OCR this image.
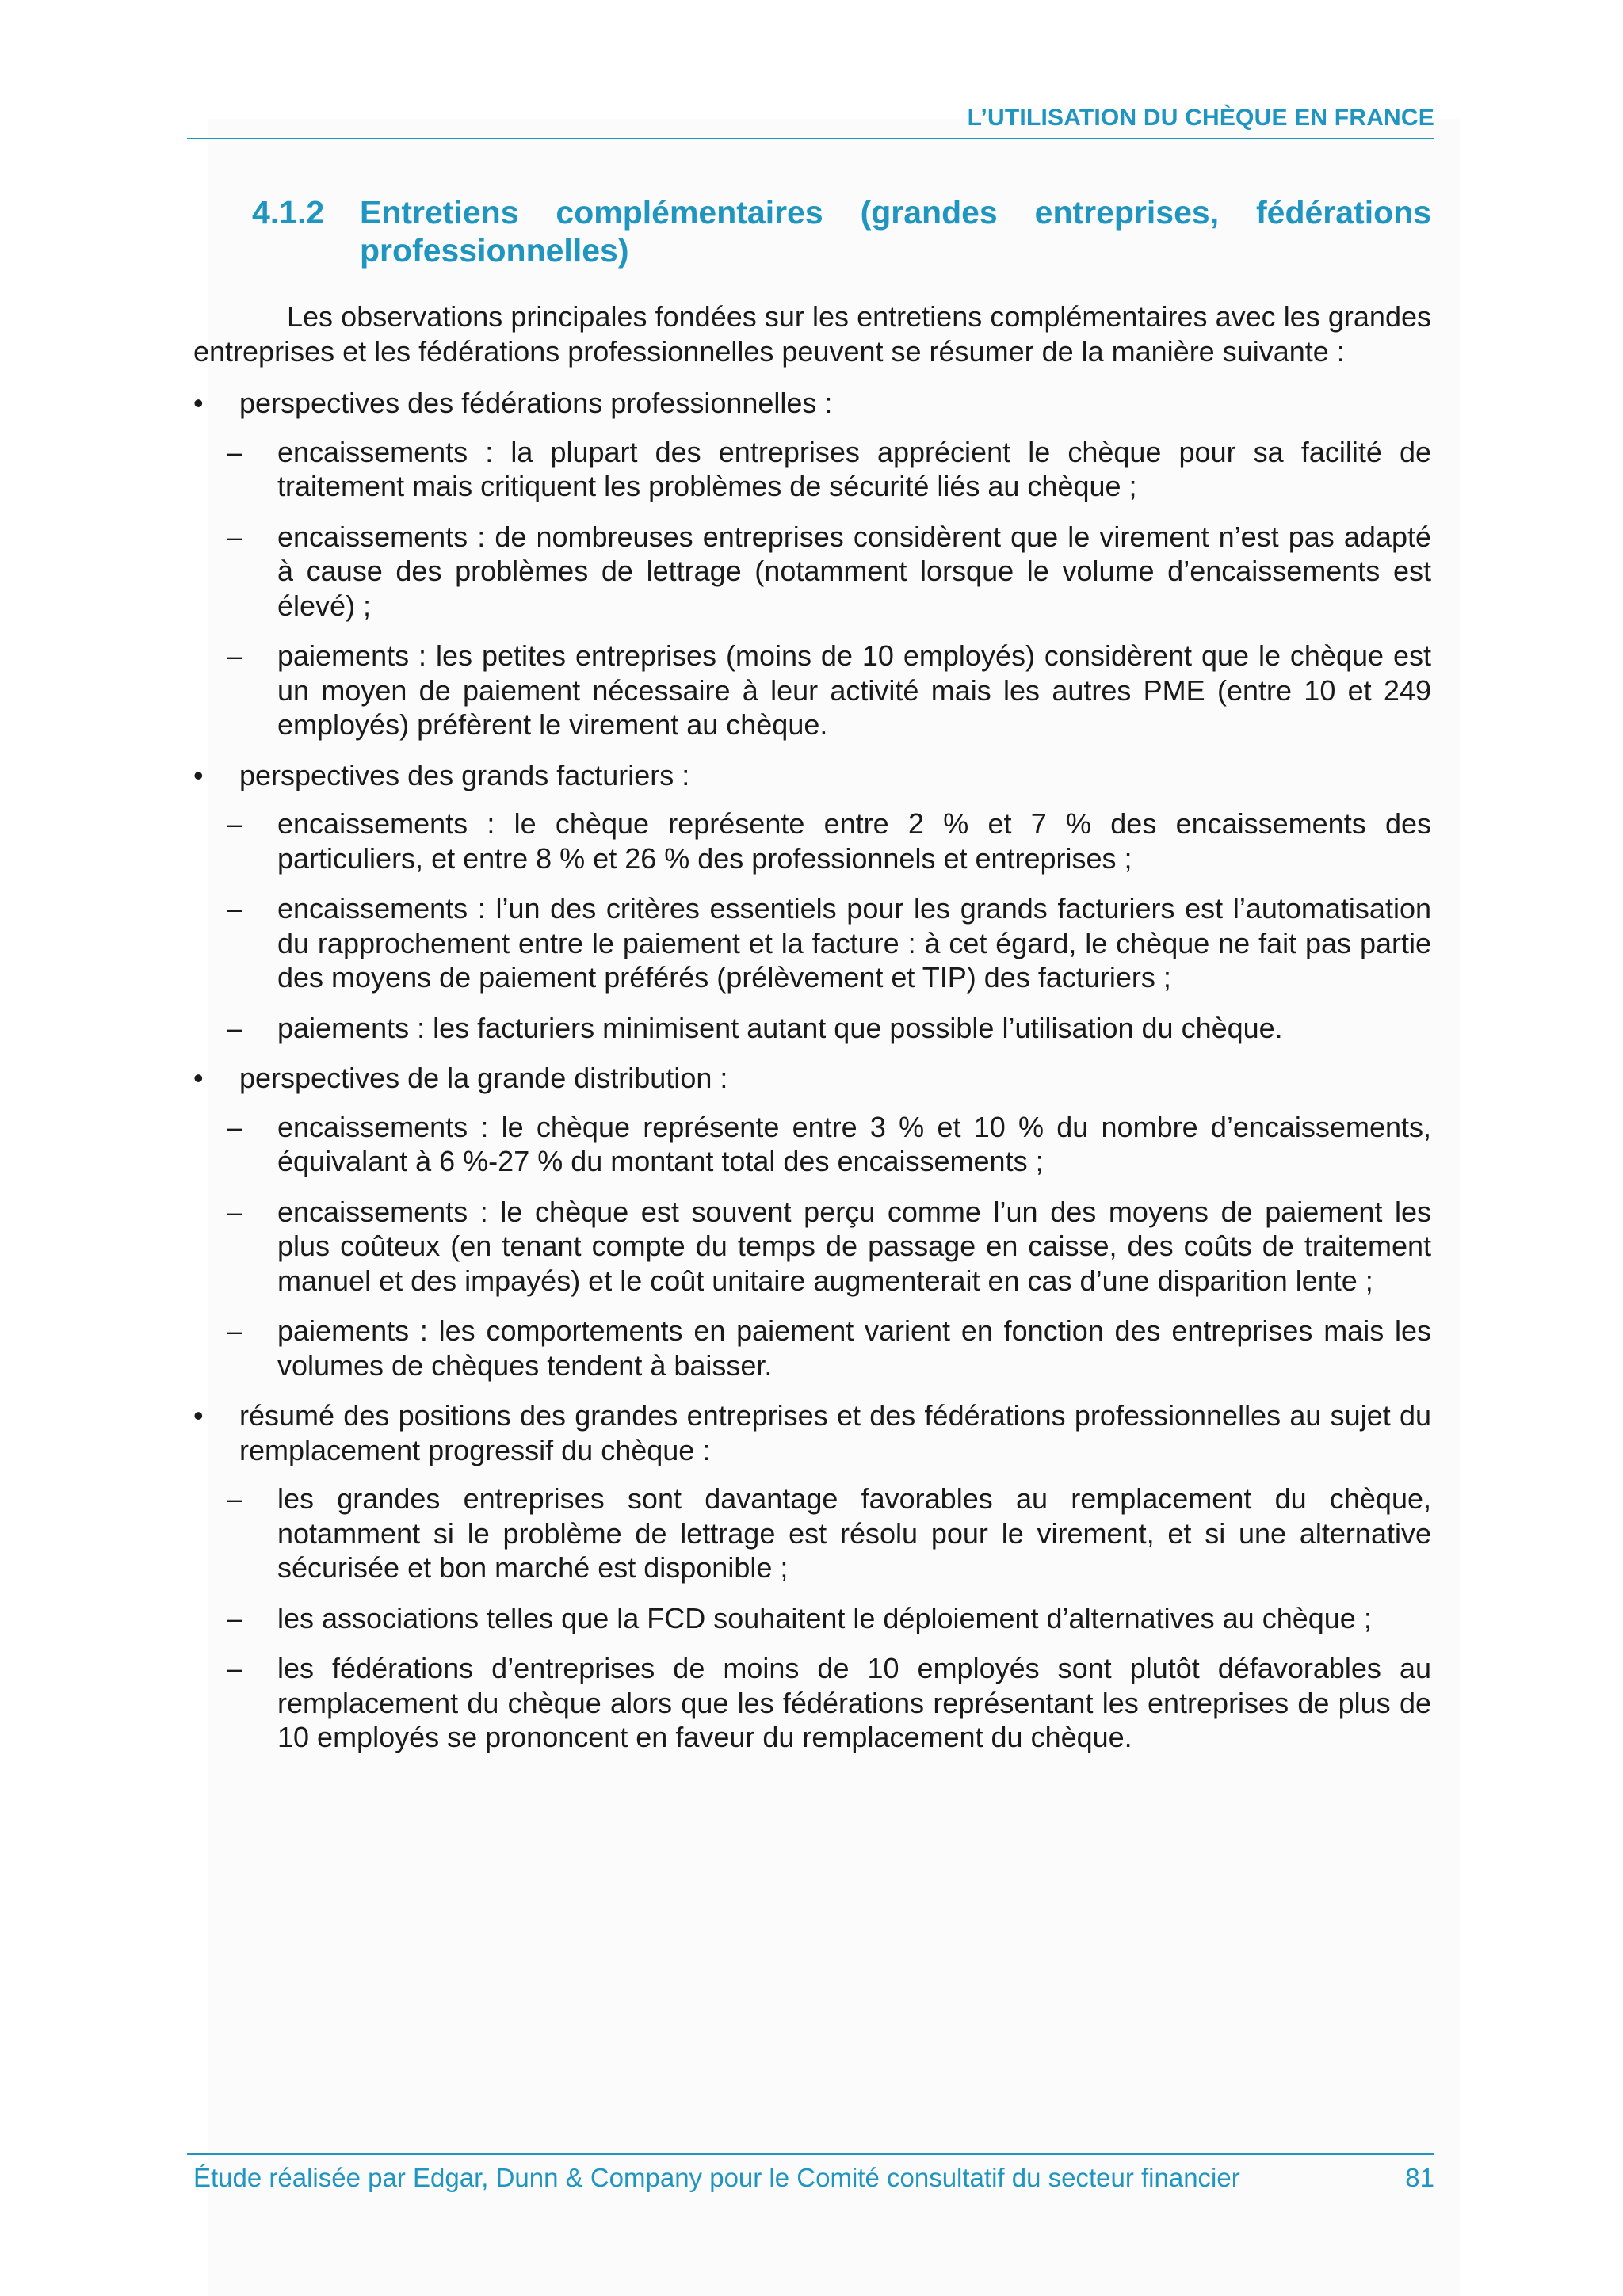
L’UTILISATION DU CHÈQUE EN FRANCE
4.1.2 Entretiens complémentaires (grandes entreprises, fédérations professionnelles)

Les observations principales fondées sur les entretiens complémentaires avec les grandes entreprises et les fédérations professionnelles peuvent se résumer de la manière suivante :

•	perspectives des fédérations professionnelles :
– encaissements : la plupart des entreprises apprécient le chèque pour sa facilité de traitement mais critiquent les problèmes de sécurité liés au chèque ;
– encaissements : de nombreuses entreprises considèrent que le virement n’est pas adapté à cause des problèmes de lettrage (notamment lorsque le volume d’encaissements est élevé) ;
– paiements : les petites entreprises (moins de 10 employés) considèrent que le chèque est un moyen de paiement nécessaire à leur activité mais les autres PME (entre 10 et 249 employés) préfèrent le virement au chèque.
•	perspectives des grands facturiers :
– encaissements : le chèque représente entre 2 % et 7 % des encaissements des particuliers, et entre 8 % et 26 % des professionnels et entreprises ;
– encaissements : l’un des critères essentiels pour les grands facturiers est l’automatisation du rapprochement entre le paiement et la facture : à cet égard, le chèque ne fait pas partie des moyens de paiement préférés (prélèvement et TIP) des facturiers ;
– paiements : les facturiers minimisent autant que possible l’utilisation du chèque.
•	perspectives de la grande distribution :
– encaissements : le chèque représente entre 3 % et 10 % du nombre d’encaissements, équivalant à 6 %-27 % du montant total des encaissements ;
– encaissements : le chèque est souvent perçu comme l’un des moyens de paiement les plus coûteux (en tenant compte du temps de passage en caisse, des coûts de traitement manuel et des impayés) et le coût unitaire augmenterait en cas d’une disparition lente ;
– paiements : les comportements en paiement varient en fonction des entreprises mais les volumes de chèques tendent à baisser.
•	résumé des positions des grandes entreprises et des fédérations professionnelles au sujet du remplacement progressif du chèque :
– les grandes entreprises sont davantage favorables au remplacement du chèque, notamment si le problème de lettrage est résolu pour le virement, et si une alternative sécurisée et bon marché est disponible ;
– les associations telles que la FCD souhaitent le déploiement d’alternatives au chèque ;
– les fédérations d’entreprises de moins de 10 employés sont plutôt défavorables au remplacement du chèque alors que les fédérations représentant les entreprises de plus de 10 employés se prononcent en faveur du remplacement du chèque.
Étude réalisée par Edgar, Dunn & Company pour le Comité consultatif du secteur financier	81
